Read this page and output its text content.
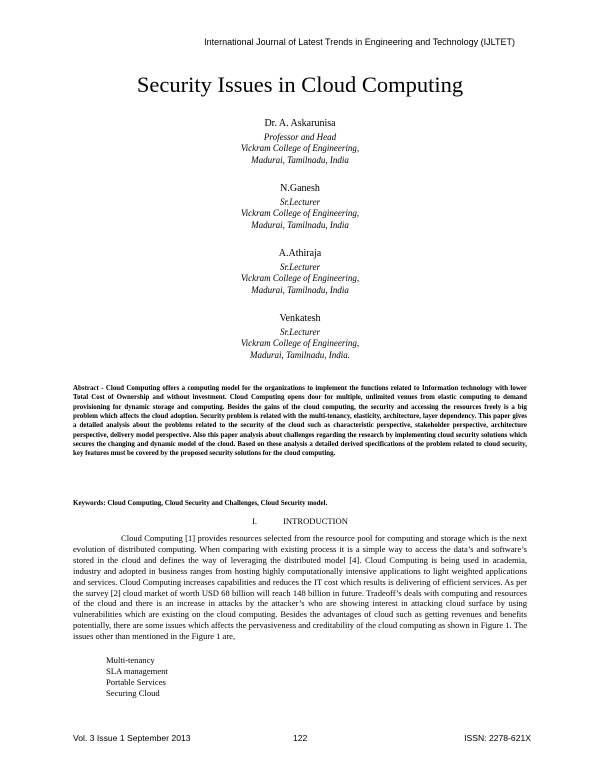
International Journal of Latest Trends in Engineering and Technology (IJLTET)
Security Issues in Cloud Computing
Dr. A. Askarunisa
Professor and Head
Vickram College of Engineering,
Madurai, Tamilnadu, India
N.Ganesh
Sr.Lecturer
Vickram College of Engineering,
Madurai, Tamilnadu, India
A.Athiraja
Sr.Lecturer
Vickram College of Engineering,
Madurai, Tamilnadu, India
Venkatesh
Sr.Lecturer
Vickram College of Engineering,
Madurai, Tamilnadu, India.
Abstract - Cloud Computing offers a computing model for the organizations to implement the functions related to Information technology with lower Total Cost of Ownership and without investment. Cloud Computing opens door for multiple, unlimited venues from elastic computing to demand provisioning for dynamic storage and computing. Besides the gains of the cloud computing, the security and accessing the resources freely is a big problem which affects the cloud adoption. Security problem is related with the multi-tenancy, elasticity, architecture, layer dependency. This paper gives a detailed analysis about the problems related to the security of the cloud such as characteristic perspective, stakeholder perspective, architecture perspective, delivery model perspective. Also this paper analysis about challenges regarding the research by implementing cloud security solutions which secures the changing and dynamic model of the cloud. Based on these analysis a detailed derived specifications of the problem related to cloud security, key features must be covered by the proposed security solutions for the cloud computing.
Keywords: Cloud Computing, Cloud Security and Challenges, Cloud Security model.
I.	INTRODUCTION

Cloud Computing [1] provides resources selected from the resource pool for computing and storage which is the next evolution of distributed computing. When comparing with existing process it is a simple way to access the data’s and software’s stored in the cloud and defines the way of leveraging the distributed model [4]. Cloud Computing is being used in academia, industry and adopted in business ranges from hosting highly computationally intensive applications to light weighted applications and services. Cloud Computing increases capabilities and reduces the IT cost which results is delivering of efficient services. As per the survey [2] cloud market of worth USD 68 billion will reach 148 billion in future. Tradeoff’s deals with computing and resources of the cloud and there is an increase in attacks by the attacker’s who are showing interest in attacking cloud surface by using vulnerabilities which are existing on the cloud computing. Besides the advantages of cloud such as getting revenues and benefits potentially, there are some issues which affects the pervasiveness and creditability of the cloud computing as shown in Figure 1. The issues other than mentioned in the Figure 1 are,

Multi-tenancy
SLA management
Portable Services
Securing Cloud
Vol. 3 Issue 1 September 2013	122	ISSN: 2278-621X
